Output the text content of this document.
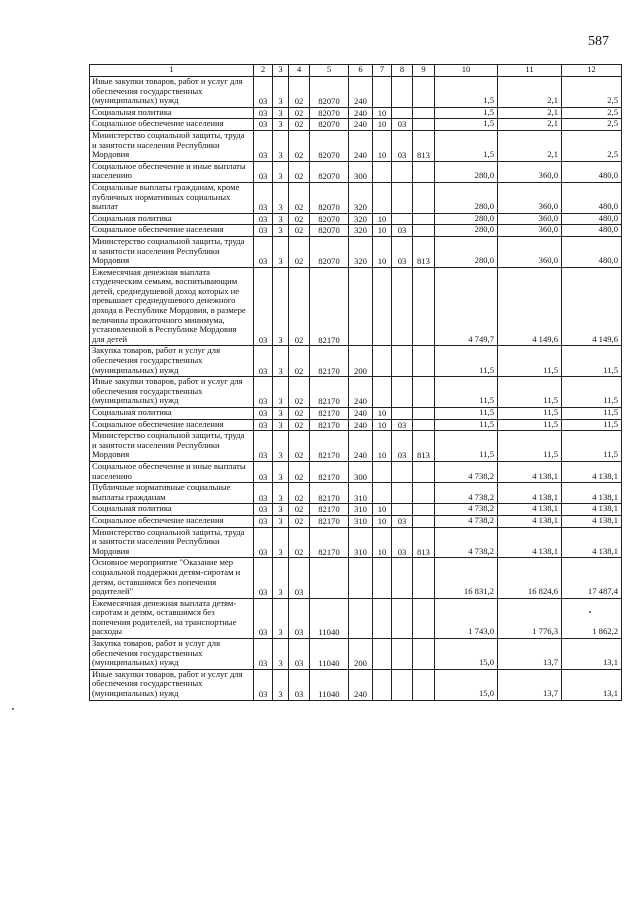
587
1	2	3	4	5	6	7	8	9	10	11	12
Иные закупки товаров, работ и услуг для обеспечения государственных (муниципальных) нужд	03	3	02	82070	240				1,5	2,1	2,5
Социальная политика	03	3	02	82070	240	10			1,5	2,1	2,5
Социальное обеспечение населения	03	3	02	82070	240	10	03		1,5	2,1	2,5
Министерство социальной защиты, труда и занятости населения Республики Мордовия	03	3	02	82070	240	10	03	813	1,5	2,1	2,5
Социальное обеспечение и иные выплаты населению	03	3	02	82070	300				280,0	360,0	480,0
Социальные выплаты гражданам, кроме публичных нормативных социальных выплат	03	3	02	82070	320				280,0	360,0	480,0
Социальная политика	03	3	02	82070	320	10			280,0	360,0	480,0
Социальное обеспечение населения	03	3	02	82070	320	10	03		280,0	360,0	480,0
Министерство социальной защиты, труда и занятости населения Республики Мордовия	03	3	02	82070	320	10	03	813	280,0	360,0	480,0
Ежемесячная денежная выплата студенческим семьям, воспитывающим детей, среднедушевой доход которых не превышает среднедушевого денежного дохода в Республике Мордовия, в размере величины прожиточного минимума, установленной в Республике Мордовия для детей	03	3	02	82170					4 749,7	4 149,6	4 149,6
Закупка товаров, работ и услуг для обеспечения государственных (муниципальных) нужд	03	3	02	82170	200				11,5	11,5	11,5
Иные закупки товаров, работ и услуг для обеспечения государственных (муниципальных) нужд	03	3	02	82170	240				11,5	11,5	11,5
Социальная политика	03	3	02	82170	240	10			11,5	11,5	11,5
Социальное обеспечение населения	03	3	02	82170	240	10	03		11,5	11,5	11,5
Министерство социальной защиты, труда и занятости населения Республики Мордовия	03	3	02	82170	240	10	03	813	11,5	11,5	11,5
Социальное обеспечение и иные выплаты населению	03	3	02	82170	300				4 738,2	4 138,1	4 138,1
Публичные нормативные социальные выплаты гражданам	03	3	02	82170	310				4 738,2	4 138,1	4 138,1
Социальная политика	03	3	02	82170	310	10			4 738,2	4 138,1	4 138,1
Социальное обеспечение населения	03	3	02	82170	310	10	03		4 738,2	4 138,1	4 138,1
Министерство социальной защиты, труда и занятости населения Республики Мордовия	03	3	02	82170	310	10	03	813	4 738,2	4 138,1	4 138,1
Основное мероприятие "Оказание мер социальной поддержки детям-сиротам и детям, оставшимся без попечения родителей"	03	3	03						16 831,2	16 824,6	17 487,4
Ежемесячная денежная выплата детям-сиротам и детям, оставшимся без попечения родителей, на транспортные расходы	03	3	03	11040					1 743,0	1 776,3	1 862,2
Закупка товаров, работ и услуг для обеспечения государственных (муниципальных) нужд	03	3	03	11040	200				15,0	13,7	13,1
Иные закупки товаров, работ и услуг для обеспечения государственных (муниципальных) нужд	03	3	03	11040	240				15,0	13,7	13,1
